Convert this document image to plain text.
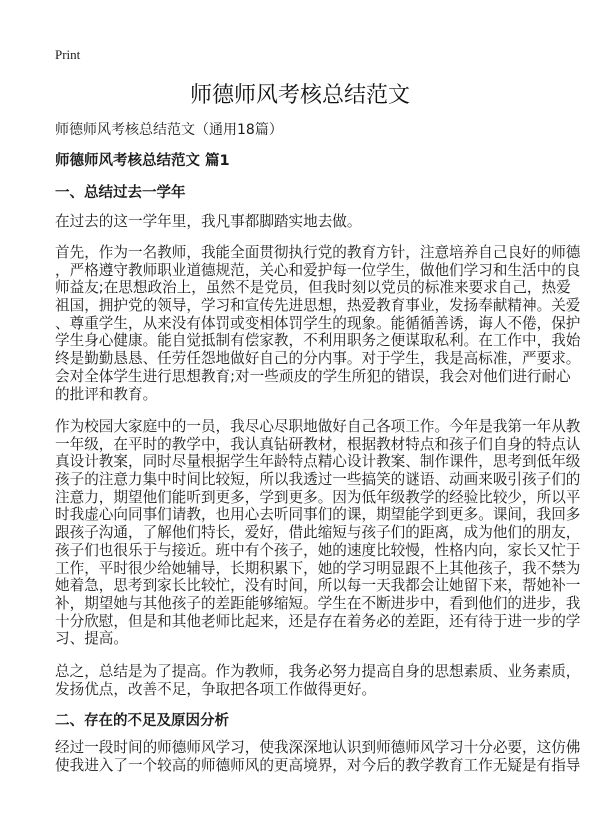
Print
师德师风考核总结范文
师德师风考核总结范文（通用18篇）
师德师风考核总结范文 篇1
一、总结过去一学年
在过去的这一学年里，我凡事都脚踏实地去做。
首先，作为一名教师，我能全面贯彻执行党的教育方针，注意培养自己良好的师德
，严格遵守教师职业道德规范，关心和爱护每一位学生，做他们学习和生活中的良
师益友;在思想政治上，虽然不是党员，但我时刻以党员的标准来要求自己，热爱
祖国，拥护党的领导，学习和宣传先进思想，热爱教育事业，发扬奉献精神。关爱
、尊重学生，从来没有体罚或变相体罚学生的现象。能循循善诱，诲人不倦，保护
学生身心健康。能自觉抵制有偿家教，不利用职务之便谋取私利。在工作中，我始
终是勤勤恳恳、任劳任怨地做好自己的分内事。对于学生，我是高标准，严要求。
会对全体学生进行思想教育;对一些顽皮的学生所犯的错误，我会对他们进行耐心
的批评和教育。
作为校园大家庭中的一员，我尽心尽职地做好自己各项工作。今年是我第一年从教
一年级，在平时的教学中，我认真钻研教材，根据教材特点和孩子们自身的特点认
真设计教案，同时尽量根据学生年龄特点精心设计教案、制作课件，思考到低年级
孩子的注意力集中时间比较短，所以我透过一些搞笑的谜语、动画来吸引孩子们的
注意力，期望他们能听到更多，学到更多。因为低年级教学的经验比较少，所以平
时我虚心向同事们请教，也用心去听同事们的课，期望能学到更多。课间，我回多
跟孩子沟通，了解他们特长，爱好，借此缩短与孩子们的距离，成为他们的朋友，
孩子们也很乐于与接近。班中有个孩子，她的速度比较慢，性格内向，家长又忙于
工作，平时很少给她辅导，长期积累下，她的学习明显跟不上其他孩子，我不禁为
她着急，思考到家长比较忙，没有时间，所以每一天我都会让她留下来，帮她补一
补，期望她与其他孩子的差距能够缩短。学生在不断进步中，看到他们的进步，我
十分欣慰，但是和其他老师比起来，还是存在着务必的差距，还有待于进一步的学
习、提高。
总之，总结是为了提高。作为教师，我务必努力提高自身的思想素质、业务素质，
发扬优点，改善不足，争取把各项工作做得更好。
二、存在的不足及原因分析
经过一段时间的师德师风学习，使我深深地认识到师德师风学习十分必要，这仿佛
使我进入了一个较高的师德师风的更高境界，对今后的教学教育工作无疑是有指导
